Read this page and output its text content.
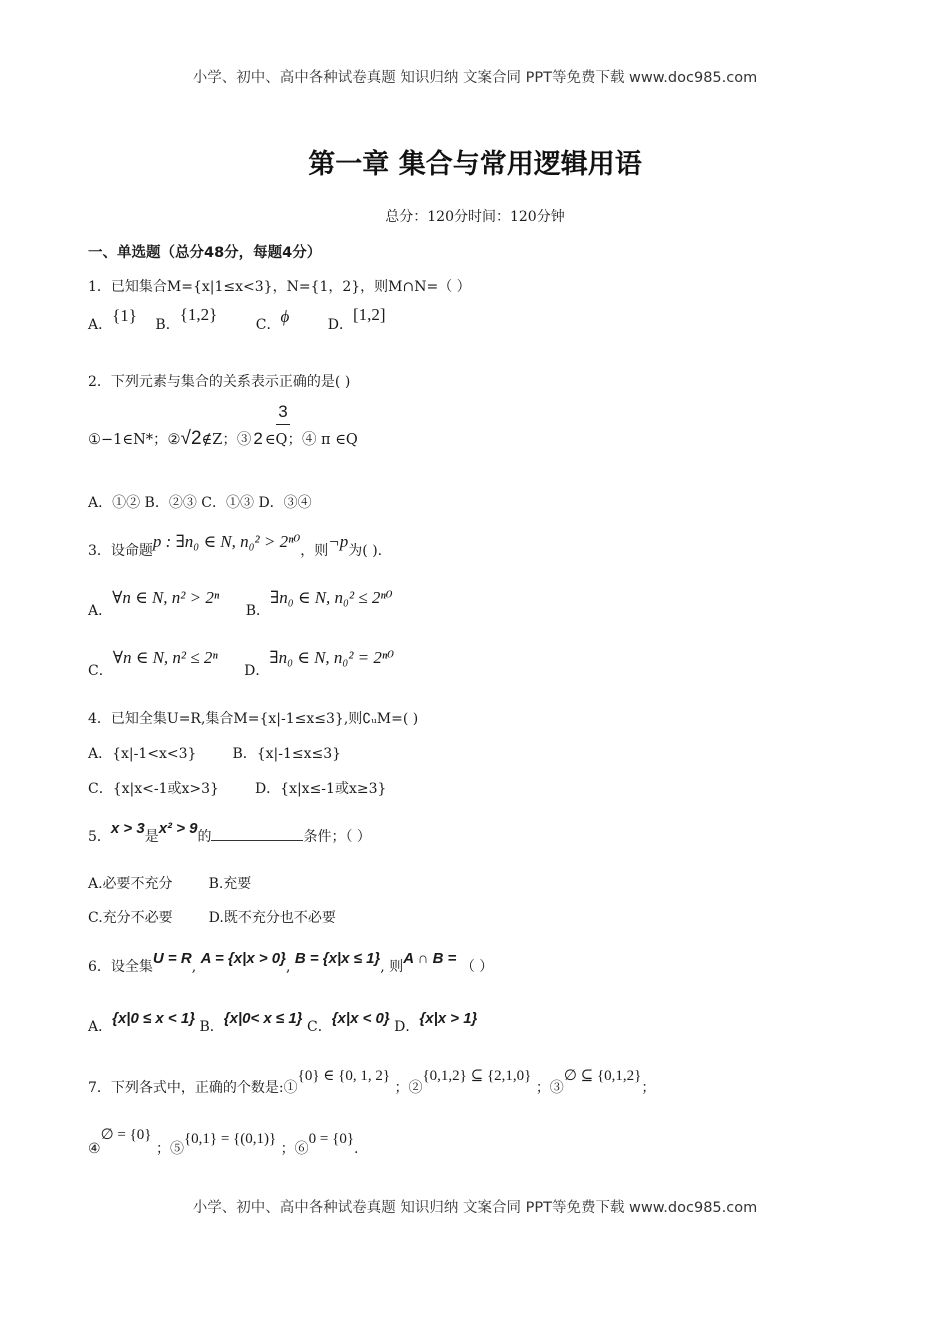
小学、初中、高中各种试卷真题 知识归纳 文案合同 PPT等免费下载 www.doc985.com
第一章 集合与常用逻辑用语
总分：120分时间：120分钟
一、单选题（总分48分，每题4分）
1．已知集合M={x|1≤x<3}，N={1，2}，则M∩N=（ ）
A．{1} B．{1,2} C．ϕ	D．[1,2]
2．下列元素与集合的关系表示正确的是( )
3
①−1∈N*；②√2∉Z；③ 2 ∈Q；④ π ∈Q
A．①② B．②③ C．①③ D．③④
3．设命题p : ∃n₀ ∈ N, n₀² > 2ⁿ⁰，则¬p为( ).
A．∀n ∈ N, n² > 2ⁿ B．∃n₀ ∈ N, n₀² ≤ 2ⁿ⁰
C．∀n ∈ N, n² ≤ 2ⁿ D．∃n₀ ∈ N, n₀² = 2ⁿ⁰
4．已知全集U=R,集合M={x|-1≤x≤3},则∁ᵤM=( )
A．{x|-1<x<3}	B．{x|-1≤x≤3}
C．{x|x<-1或x>3}	D．{x|x≤-1或x≥3}
5．x > 3是x² > 9的	条件；（ ）
A.必要不充分	B.充要
C.充分不必要	D.既不充分也不必要
6．设全集U = R, A = {x|x > 0}, B = {x|x ≤ 1}, 则A ∩ B = （ ）
A．{x|0 ≤ x < 1} B．{x|0< x ≤ 1} C．{x|x < 0} D．{x|x > 1}
7．下列各式中，正确的个数是:①{0} ∈ {0, 1, 2} ；②{0,1,2} ⊆ {2,1,0} ；③∅ ⊆ {0,1,2}；
④∅ = {0} ；⑤{0,1} = {(0,1)} ；⑥0 = {0}.
小学、初中、高中各种试卷真题 知识归纳 文案合同 PPT等免费下载 www.doc985.com
